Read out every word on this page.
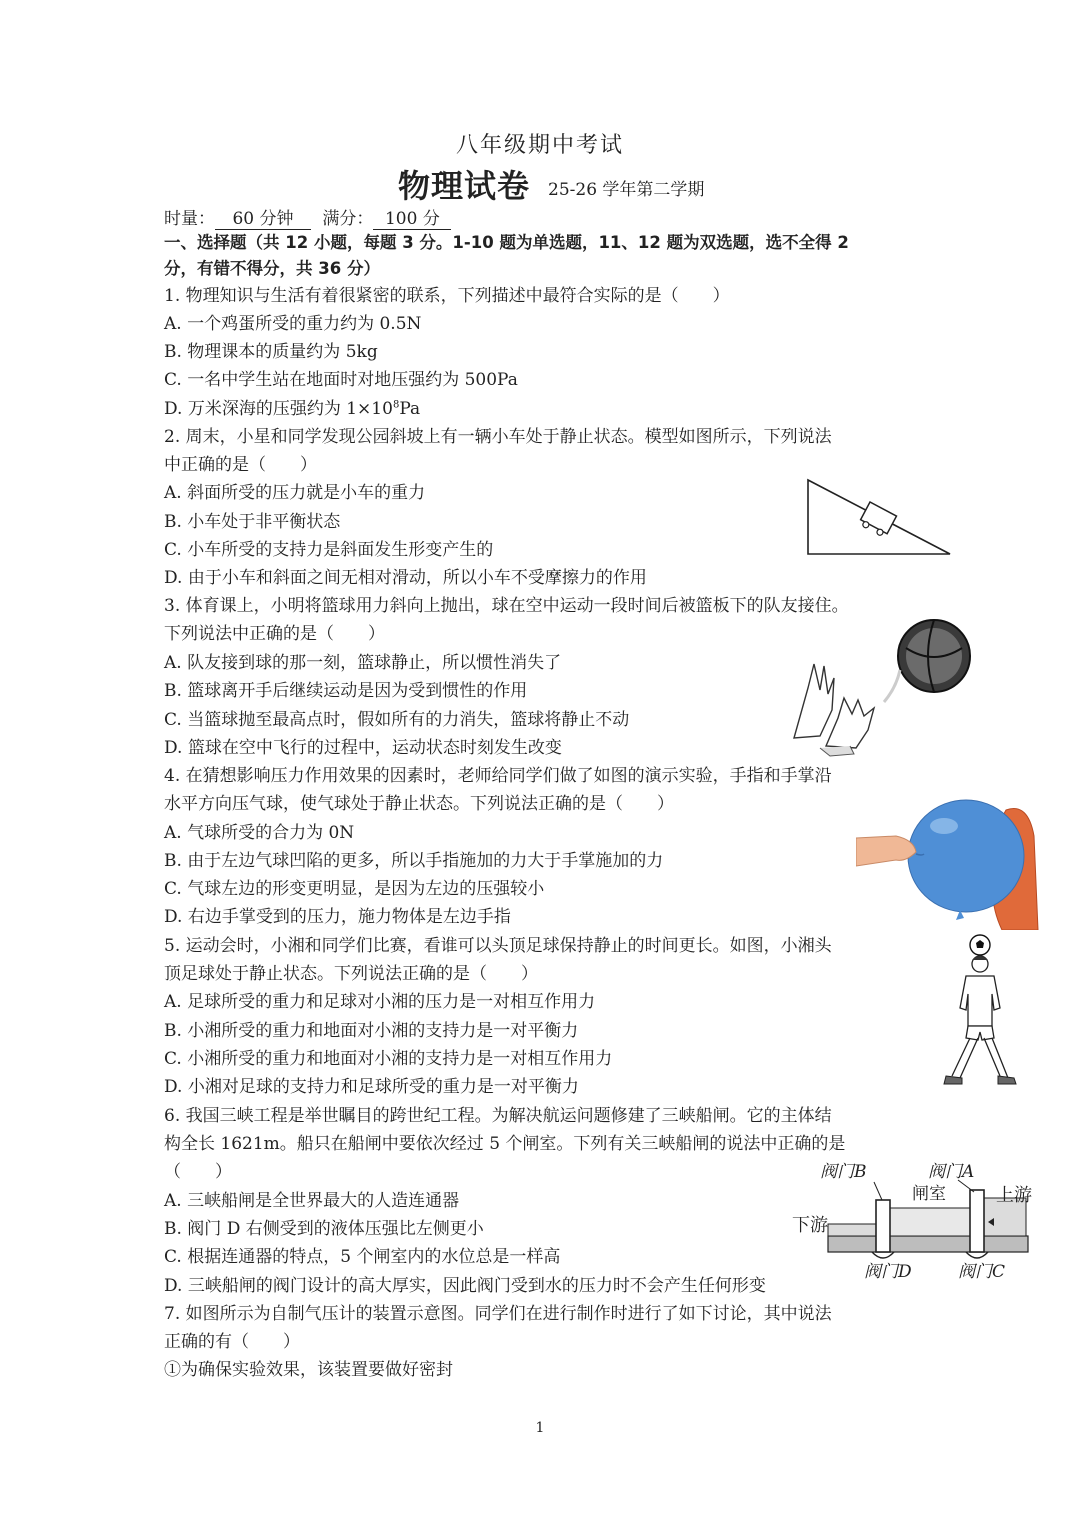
八年级期中考试
物理试卷 25-26 学年第二学期
时量： 60 分钟 满分： 100 分
一、选择题（共 12 小题，每题 3 分。1-10 题为单选题，11、12 题为双选题，选不全得 2
分，有错不得分，共 36 分）
1. 物理知识与生活有着很紧密的联系，下列描述中最符合实际的是（　　）
A. 一个鸡蛋所受的重力约为 0.5N
B. 物理课本的质量约为 5kg
C. 一名中学生站在地面时对地压强约为 500Pa
D. 万米深海的压强约为 $1\times 10^8Pa$
2. 周末，小星和同学发现公园斜坡上有一辆小车处于静止状态。模型如图所示，下列说法
中正确的是（　　）
A. 斜面所受的压力就是小车的重力
B. 小车处于非平衡状态
C. 小车所受的支持力是斜面发生形变产生的
D. 由于小车和斜面之间无相对滑动，所以小车不受摩擦力的作用
3. 体育课上，小明将篮球用力斜向上抛出，球在空中运动一段时间后被篮板下的队友接住。
下列说法中正确的是（　　）
A. 队友接到球的那一刻，篮球静止，所以惯性消失了
B. 篮球离开手后继续运动是因为受到惯性的作用
C. 当篮球抛至最高点时，假如所有的力消失，篮球将静止不动
D. 篮球在空中飞行的过程中，运动状态时刻发生改变
4. 在猜想影响压力作用效果的因素时，老师给同学们做了如图的演示实验，手指和手掌沿
水平方向压气球，使气球处于静止状态。下列说法正确的是（　　）
A. 气球所受的合力为 0N
B. 由于左边气球凹陷的更多，所以手指施加的力大于手掌施加的力
C. 气球左边的形变更明显，是因为左边的压强较小
D. 右边手掌受到的压力，施力物体是左边手指
5. 运动会时，小湘和同学们比赛，看谁可以头顶足球保持静止的时间更长。如图，小湘头
顶足球处于静止状态。下列说法正确的是（　　）
A. 足球所受的重力和足球对小湘的压力是一对相互作用力
B. 小湘所受的重力和地面对小湘的支持力是一对平衡力
C. 小湘所受的重力和地面对小湘的支持力是一对相互作用力
D. 小湘对足球的支持力和足球所受的重力是一对平衡力
6. 我国三峡工程是举世瞩目的跨世纪工程。为解决航运问题修建了三峡船闸。它的主体结
构全长 1621m。船只在船闸中要依次经过 5 个闸室。下列有关三峡船闸的说法中正确的是
（　　）
A. 三峡船闸是全世界最大的人造连通器
B. 阀门 D 右侧受到的液体压强比左侧更小
C. 根据连通器的特点，5 个闸室内的水位总是一样高
D. 三峡船闸的阀门设计的高大厚实，因此阀门受到水的压力时不会产生任何形变
7. 如图所示为自制气压计的装置示意图。同学们在进行制作时进行了如下讨论，其中说法
正确的有（　　）
①为确保实验效果，该装置要做好密封
阀门B	阀门A
闸室	上游
下游
阀门D	阀门C
1
